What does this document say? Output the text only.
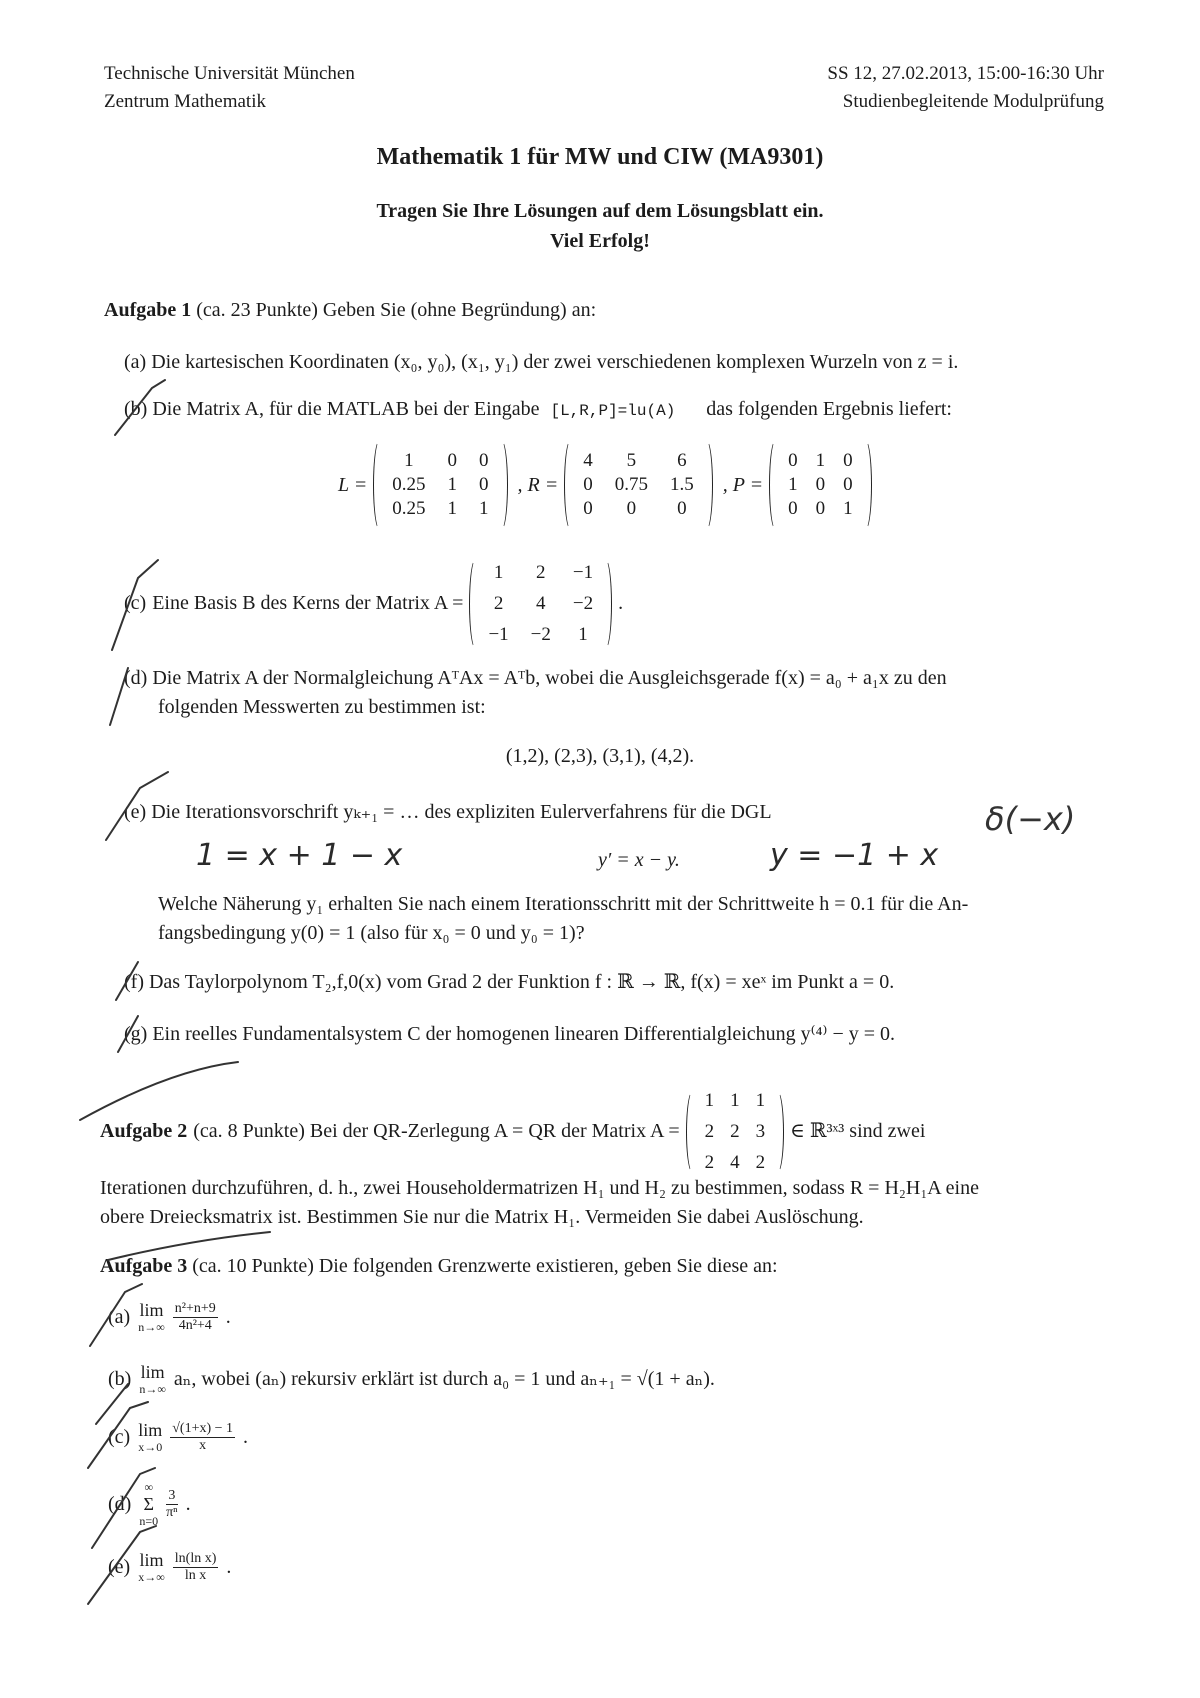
Technische Universität München
Zentrum Mathematik
SS 12, 27.02.2013, 15:00-16:30 Uhr
Studienbegleitende Modulprüfung
Mathematik 1 für MW und CIW (MA9301)
Tragen Sie Ihre Lösungen auf dem Lösungsblatt ein.
Viel Erfolg!
Aufgabe 1 (ca. 23 Punkte) Geben Sie (ohne Begründung) an:
(a) Die kartesischen Koordinaten (x₀, y₀), (x₁, y₁) der zwei verschiedenen komplexen Wurzeln von z = i.
(b) Die Matrix A, für die MATLAB bei der Eingabe [L,R,P]=lu(A) das folgenden Ergebnis liefert:
L =
1	0 0
0.25 1 0
0.25 1 1
, R =
4	5	6
0 0.75 1.5
0	0	0
, P =
0 1 0
1 0 0
0 0 1
(c) Eine Basis B des Kerns der Matrix A =
1 2 −1
2 4 −2
−1 −2 1
.
(d) Die Matrix A der Normalgleichung AᵀAx = Aᵀb, wobei die Ausgleichsgerade f(x) = a₀ + a₁x zu den
folgenden Messwerten zu bestimmen ist:
(1,2), (2,3), (3,1), (4,2).
(e) Die Iterationsvorschrift yₖ₊₁ = … des expliziten Eulerverfahrens für die DGL
y′ = x − y.
Welche Näherung y₁ erhalten Sie nach einem Iterationsschritt mit der Schrittweite h = 0.1 für die An-
fangsbedingung y(0) = 1 (also für x₀ = 0 und y₀ = 1)?
(f) Das Taylorpolynom T₂,f,0(x) vom Grad 2 der Funktion f : ℝ → ℝ, f(x) = xeˣ im Punkt a = 0.
(g) Ein reelles Fundamentalsystem C der homogenen linearen Differentialgleichung y⁽⁴⁾ − y = 0.
Aufgabe 2 (ca. 8 Punkte) Bei der QR-Zerlegung A = QR der Matrix A =
1 1 1
2 2 3
2 4 2
∈ ℝ³ˣ³ sind zwei
Iterationen durchzuführen, d. h., zwei Householdermatrizen H₁ und H₂ zu bestimmen, sodass R = H₂H₁A eine
obere Dreiecksmatrix ist. Bestimmen Sie nur die Matrix H₁. Vermeiden Sie dabei Auslöschung.
Aufgabe 3 (ca. 10 Punkte) Die folgenden Grenzwerte existieren, geben Sie diese an:
(a) lim
$n\to\infty \frac{\text{n²+n+9}}{\text{4n²+4}}$ .
(b) lim
n→∞ aₙ, wobei (aₙ) rekursiv erklärt ist durch a₀ = 1 und aₙ₊₁ = √(1 + aₙ).
(c) lim
$x\to 0 \frac{√(1+x) - 1}{x}$ .
(d)
∞
Σ
n=0
$\frac{3}{\text{πⁿ}}$ .
(e) lim
$x\to\infty \frac{\text{ln(ln x)}}{\text{ln x}}$ .
1 = x + 1 − x	y = −1 + x
δ(−x)
